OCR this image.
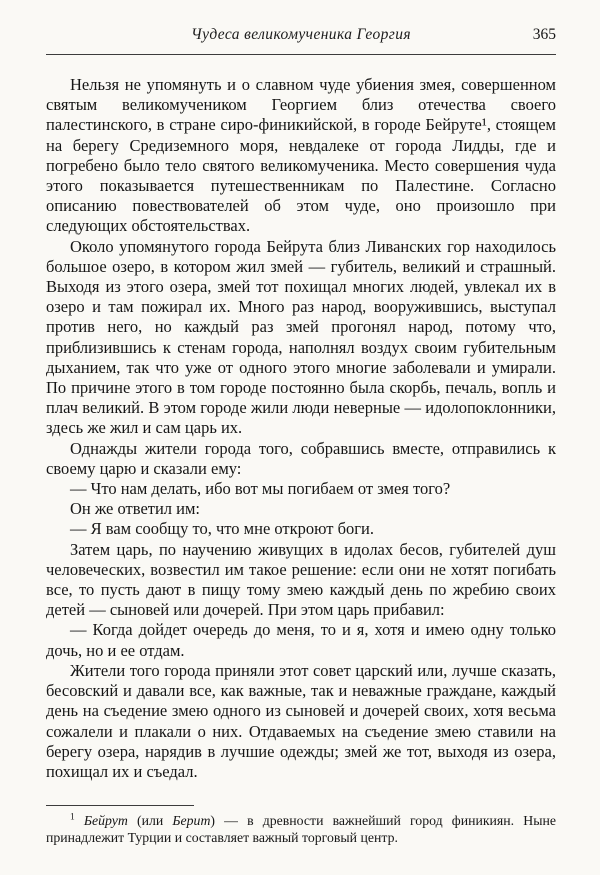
Чудеса великомученика Георгия	365

Нельзя не упомянуть и о славном чуде убиения змея, совершенном святым великомучеником Георгием близ отечества своего палестинского, в стране сиро-финикийской, в городе Бейруте¹, стоящем на берегу Средиземного моря, невдалеке от города Лидды, где и погребено было тело святого великомученика. Место совершения чуда этого показывается путешественникам по Палестине. Согласно описанию повествователей об этом чуде, оно произошло при следующих обстоятельствах.

Около упомянутого города Бейрута близ Ливанских гор находилось большое озеро, в котором жил змей — губитель, великий и страшный. Выходя из этого озера, змей тот похищал многих людей, увлекал их в озеро и там пожирал их. Много раз народ, вооружившись, выступал против него, но каждый раз змей прогонял народ, потому что, приблизившись к стенам города, наполнял воздух своим губительным дыханием, так что уже от одного этого многие заболевали и умирали. По причине этого в том городе постоянно была скорбь, печаль, вопль и плач великий. В этом городе жили люди неверные — идолопоклонники, здесь же жил и сам царь их.

Однажды жители города того, собравшись вместе, отправились к своему царю и сказали ему:

— Что нам делать, ибо вот мы погибаем от змея того?

Он же ответил им:

— Я вам сообщу то, что мне откроют боги.

Затем царь, по научению живущих в идолах бесов, губителей душ человеческих, возвестил им такое решение: если они не хотят погибать все, то пусть дают в пищу тому змею каждый день по жребию своих детей — сыновей или дочерей. При этом царь прибавил:

— Когда дойдет очередь до меня, то и я, хотя и имею одну только дочь, но и ее отдам.

Жители того города приняли этот совет царский или, лучше сказать, бесовский и давали все, как важные, так и неважные граждане, каждый день на съедение змею одного из сыновей и дочерей своих, хотя весьма сожалели и плакали о них. Отдаваемых на съедение змею ставили на берегу озера, нарядив в лучшие одежды; змей же тот, выходя из озера, похищал их и съедал.

$^1$ Бейрут (или Берит) — в древности важнейший город финикиян. Ныне принадлежит Турции и составляет важный торговый центр.
